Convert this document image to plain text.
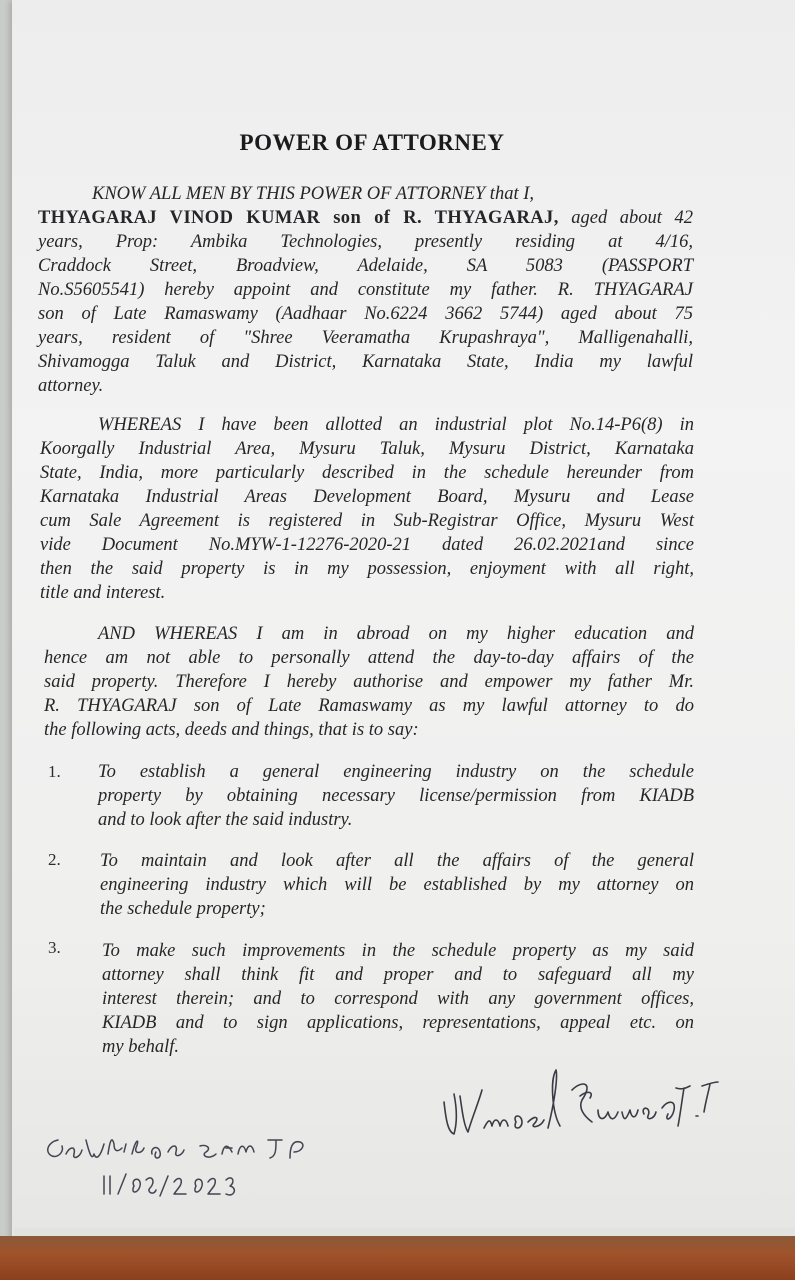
POWER OF ATTORNEY
KNOW ALL MEN BY THIS POWER OF ATTORNEY that I,
THYAGARAJ VINOD KUMAR son of R. THYAGARAJ, aged about 42
years, Prop: Ambika Technologies, presently residing at 4/16,
Craddock Street, Broadview, Adelaide, SA 5083 (PASSPORT
No.S5605541) hereby appoint and constitute my father. R. THYAGARAJ
son of Late Ramaswamy (Aadhaar No.6224 3662 5744) aged about 75
years, resident of "Shree Veeramatha Krupashraya", Malligenahalli,
Shivamogga Taluk and District, Karnataka State, India my lawful
attorney.
WHEREAS I have been allotted an industrial plot No.14-P6(8) in
Koorgally Industrial Area, Mysuru Taluk, Mysuru District, Karnataka
State, India, more particularly described in the schedule hereunder from
Karnataka Industrial Areas Development Board, Mysuru and Lease
cum Sale Agreement is registered in Sub-Registrar Office, Mysuru West
vide Document No.MYW-1-12276-2020-21 dated 26.02.2021and since
then the said property is in my possession, enjoyment with all right,
title and interest.
AND WHEREAS I am in abroad on my higher education and
hence am not able to personally attend the day-to-day affairs of the
said property. Therefore I hereby authorise and empower my father Mr.
R. THYAGARAJ son of Late Ramaswamy as my lawful attorney to do
the following acts, deeds and things, that is to say:
1. To establish a general engineering industry on the schedule
property by obtaining necessary license/permission from KIADB
and to look after the said industry.
2. To maintain and look after all the affairs of the general
engineering industry which will be established by my attorney on
the schedule property;
3. To make such improvements in the schedule property as my said
attorney shall think fit and proper and to safeguard all my
interest therein; and to correspond with any government offices,
KIADB and to sign applications, representations, appeal etc. on
my behalf.
